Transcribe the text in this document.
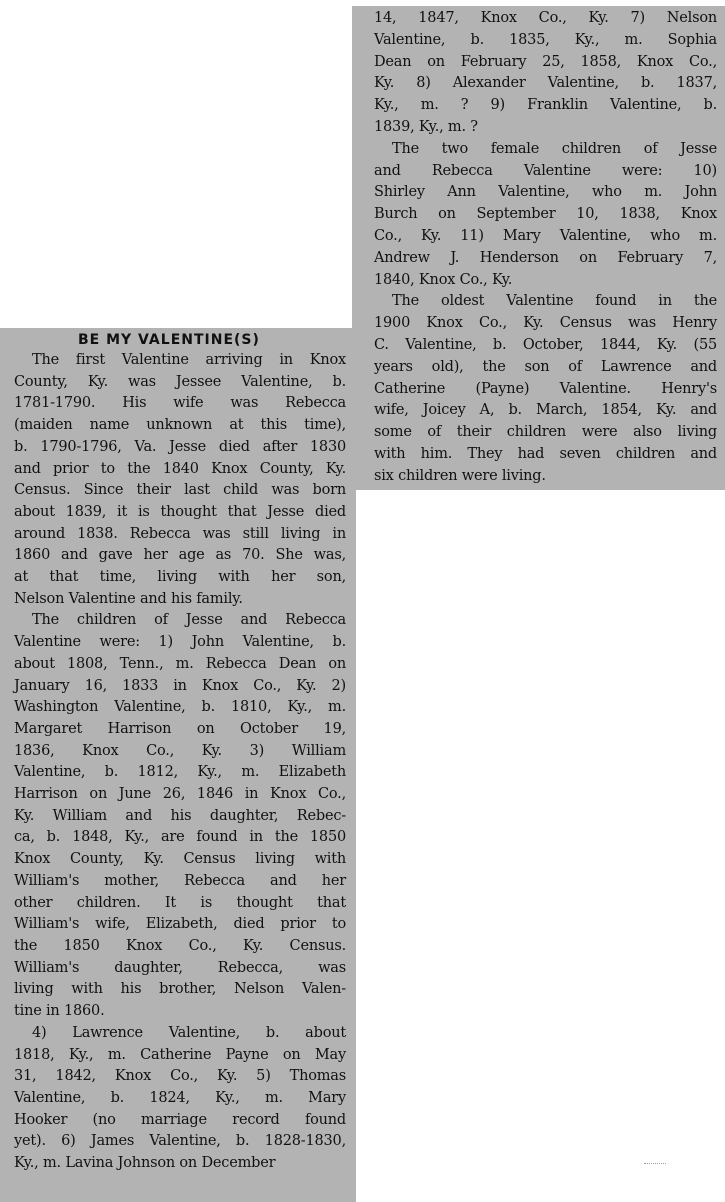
14, 1847, Knox Co., Ky. 7) Nelson
Valentine, b. 1835, Ky., m. Sophia
Dean on February 25, 1858, Knox Co.,
Ky. 8) Alexander Valentine, b. 1837,
Ky., m. ? 9) Franklin Valentine, b.
1839, Ky., m. ?
The two female children of Jesse
and Rebecca Valentine were: 10)
Shirley Ann Valentine, who m. John
Burch on September 10, 1838, Knox
Co., Ky. 11) Mary Valentine, who m.
Andrew J. Henderson on February 7,
1840, Knox Co., Ky.
The oldest Valentine found in the
1900 Knox Co., Ky. Census was Henry
C. Valentine, b. October, 1844, Ky. (55
years old), the son of Lawrence and
Catherine (Payne) Valentine. Henry's
wife, Joicey A, b. March, 1854, Ky. and
some of their children were also living
with him. They had seven children and
six children were living.
BE MY VALENTINE(S)
The first Valentine arriving in Knox
County, Ky. was Jessee Valentine, b.
1781-1790. His wife was Rebecca
(maiden name unknown at this time),
b. 1790-1796, Va. Jesse died after 1830
and prior to the 1840 Knox County, Ky.
Census. Since their last child was born
about 1839, it is thought that Jesse died
around 1838. Rebecca was still living in
1860 and gave her age as 70. She was,
at that time, living with her son,
Nelson Valentine and his family.
The children of Jesse and Rebecca
Valentine were: 1) John Valentine, b.
about 1808, Tenn., m. Rebecca Dean on
January 16, 1833 in Knox Co., Ky. 2)
Washington Valentine, b. 1810, Ky., m.
Margaret Harrison on October 19,
1836, Knox Co., Ky. 3) William
Valentine, b. 1812, Ky., m. Elizabeth
Harrison on June 26, 1846 in Knox Co.,
Ky. William and his daughter, Rebec-
ca, b. 1848, Ky., are found in the 1850
Knox County, Ky. Census living with
William's mother, Rebecca and her
other children. It is thought that
William's wife, Elizabeth, died prior to
the 1850 Knox Co., Ky. Census.
William's daughter, Rebecca, was
living with his brother, Nelson Valen-
tine in 1860.
4) Lawrence Valentine, b. about
1818, Ky., m. Catherine Payne on May
31, 1842, Knox Co., Ky. 5) Thomas
Valentine, b. 1824, Ky., m. Mary
Hooker (no marriage record found
yet). 6) James Valentine, b. 1828-1830,
Ky., m. Lavina Johnson on December
